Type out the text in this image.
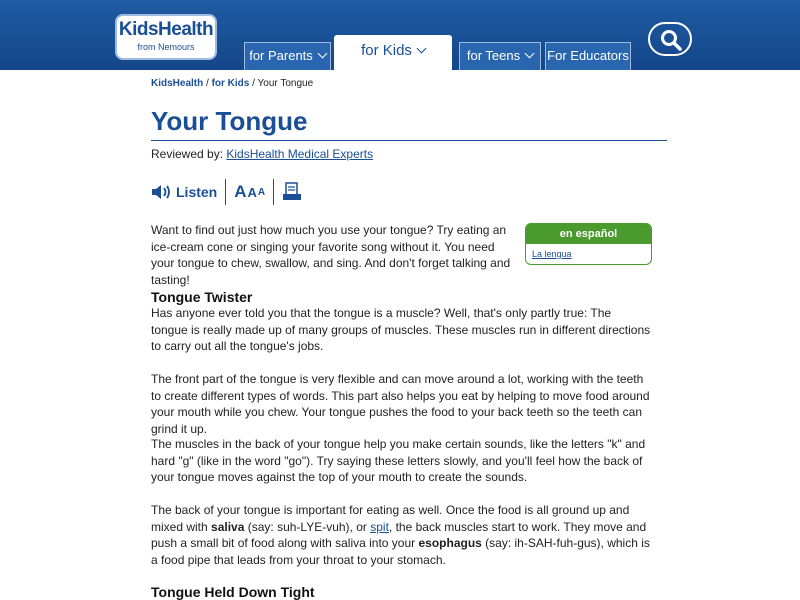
KidsHealth
from Nemours
for Parents	for Kids	for Teens	For Educators
KidsHealth / for Kids / Your Tongue
Your Tongue
Reviewed by: KidsHealth Medical Experts
Listen A A A
Want to find out just how much you use your tongue? Try eating an ice-cream cone or singing your favorite song without it. You need your tongue to chew, swallow, and sing. And don't forget talking and tasting!
en español
La lengua
Tongue Twister
Has anyone ever told you that the tongue is a muscle? Well, that's only partly true: The tongue is really made up of many groups of muscles. These muscles run in different directions to carry out all the tongue's jobs.
The front part of the tongue is very flexible and can move around a lot, working with the teeth to create different types of words. This part also helps you eat by helping to move food around your mouth while you chew. Your tongue pushes the food to your back teeth so the teeth can grind it up.
The muscles in the back of your tongue help you make certain sounds, like the letters "k" and hard "g" (like in the word "go"). Try saying these letters slowly, and you'll feel how the back of your tongue moves against the top of your mouth to create the sounds.
The back of your tongue is important for eating as well. Once the food is all ground up and mixed with saliva (say: suh-LYE-vuh), or spit, the back muscles start to work. They move and push a small bit of food along with saliva into your esophagus (say: ih-SAH-fuh-gus), which is a food pipe that leads from your throat to your stomach.
Tongue Held Down Tight
